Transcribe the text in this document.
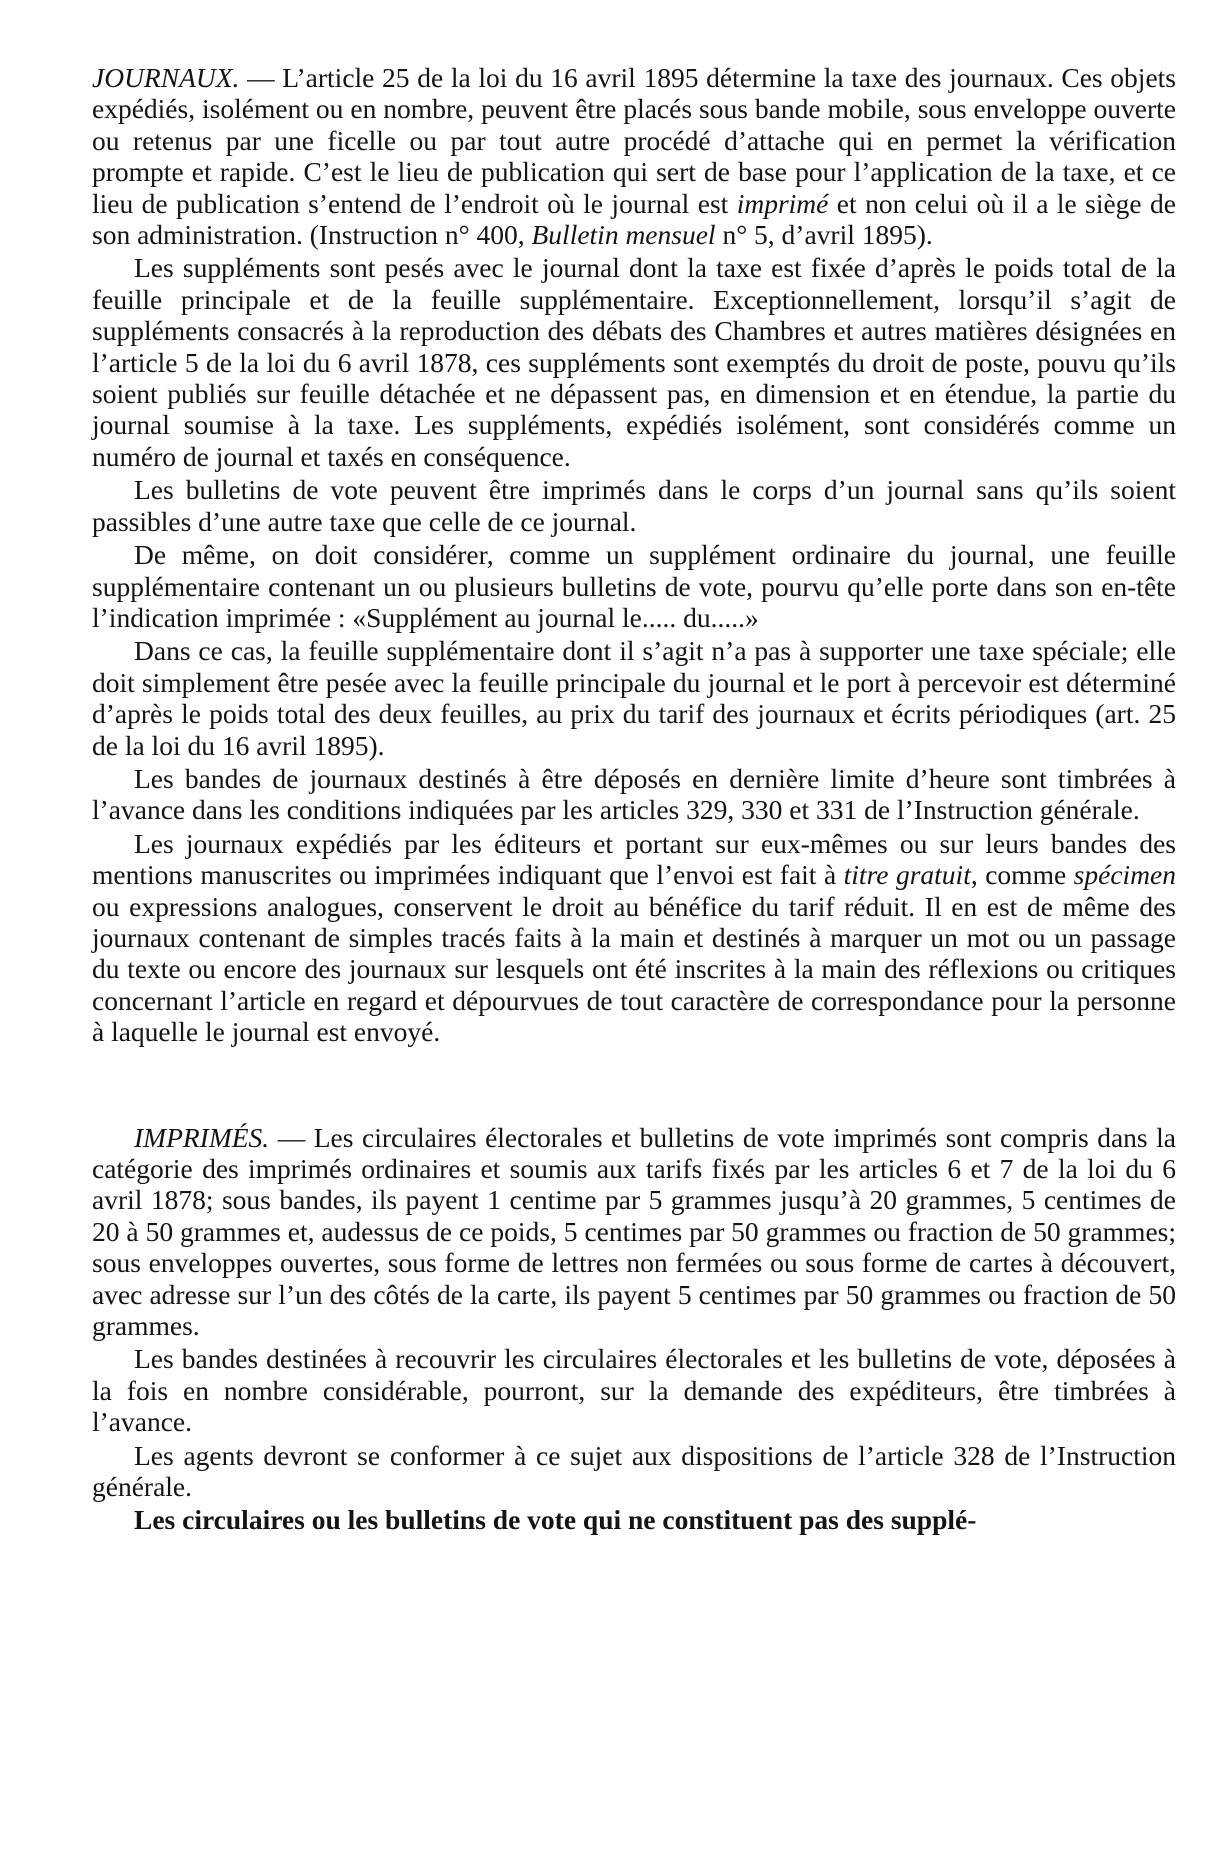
JOURNAUX. — L’article 25 de la loi du 16 avril 1895 détermine la taxe des journaux. Ces objets expédiés, isolément ou en nombre, peuvent être placés sous bande mobile, sous enveloppe ouverte ou retenus par une ficelle ou par tout autre procédé d’attache qui en permet la vérification prompte et rapide. C’est le lieu de publication qui sert de base pour l’application de la taxe, et ce lieu de publication s’entend de l’endroit où le journal est imprimé et non celui où il a le siège de son administration. (Instruction n° 400, Bulletin mensuel n° 5, d’avril 1895).

Les suppléments sont pesés avec le journal dont la taxe est fixée d’après le poids total de la feuille principale et de la feuille supplémentaire. Exceptionnellement, lorsqu’il s’agit de suppléments consacrés à la reproduction des débats des Chambres et autres matières désignées en l’article 5 de la loi du 6 avril 1878, ces suppléments sont exemptés du droit de poste, pouvu qu’ils soient publiés sur feuille détachée et ne dépassent pas, en dimension et en étendue, la partie du journal soumise à la taxe. Les suppléments, expédiés isolément, sont considérés comme un numéro de journal et taxés en conséquence.

Les bulletins de vote peuvent être imprimés dans le corps d’un journal sans qu’ils soient passibles d’une autre taxe que celle de ce journal.

De même, on doit considérer, comme un supplément ordinaire du journal, une feuille supplémentaire contenant un ou plusieurs bulletins de vote, pourvu qu’elle porte dans son en-tête l’indication imprimée : «Supplément au journal le..... du.....»

Dans ce cas, la feuille supplémentaire dont il s’agit n’a pas à supporter une taxe spéciale; elle doit simplement être pesée avec la feuille principale du journal et le port à percevoir est déterminé d’après le poids total des deux feuilles, au prix du tarif des journaux et écrits périodiques (art. 25 de la loi du 16 avril 1895).

Les bandes de journaux destinés à être déposés en dernière limite d’heure sont timbrées à l’avance dans les conditions indiquées par les articles 329, 330 et 331 de l’Instruction générale.

Les journaux expédiés par les éditeurs et portant sur eux-mêmes ou sur leurs bandes des mentions manuscrites ou imprimées indiquant que l’envoi est fait à titre gratuit, comme spécimen ou expressions analogues, conservent le droit au bénéfice du tarif réduit. Il en est de même des journaux contenant de simples tracés faits à la main et destinés à marquer un mot ou un passage du texte ou encore des journaux sur lesquels ont été inscrites à la main des réflexions ou critiques concernant l’article en regard et dépourvues de tout caractère de correspondance pour la personne à laquelle le journal est envoyé.

IMPRIMÉS. — Les circulaires électorales et bulletins de vote imprimés sont compris dans la catégorie des imprimés ordinaires et soumis aux tarifs fixés par les articles 6 et 7 de la loi du 6 avril 1878; sous bandes, ils payent 1 centime par 5 grammes jusqu’à 20 grammes, 5 centimes de 20 à 50 grammes et, audessus de ce poids, 5 centimes par 50 grammes ou fraction de 50 grammes; sous enveloppes ouvertes, sous forme de lettres non fermées ou sous forme de cartes à découvert, avec adresse sur l’un des côtés de la carte, ils payent 5 centimes par 50 grammes ou fraction de 50 grammes.

Les bandes destinées à recouvrir les circulaires électorales et les bulletins de vote, déposées à la fois en nombre considérable, pourront, sur la demande des expéditeurs, être timbrées à l’avance.

Les agents devront se conformer à ce sujet aux dispositions de l’article 328 de l’Instruction générale.

Les circulaires ou les bulletins de vote qui ne constituent pas des supplé-
